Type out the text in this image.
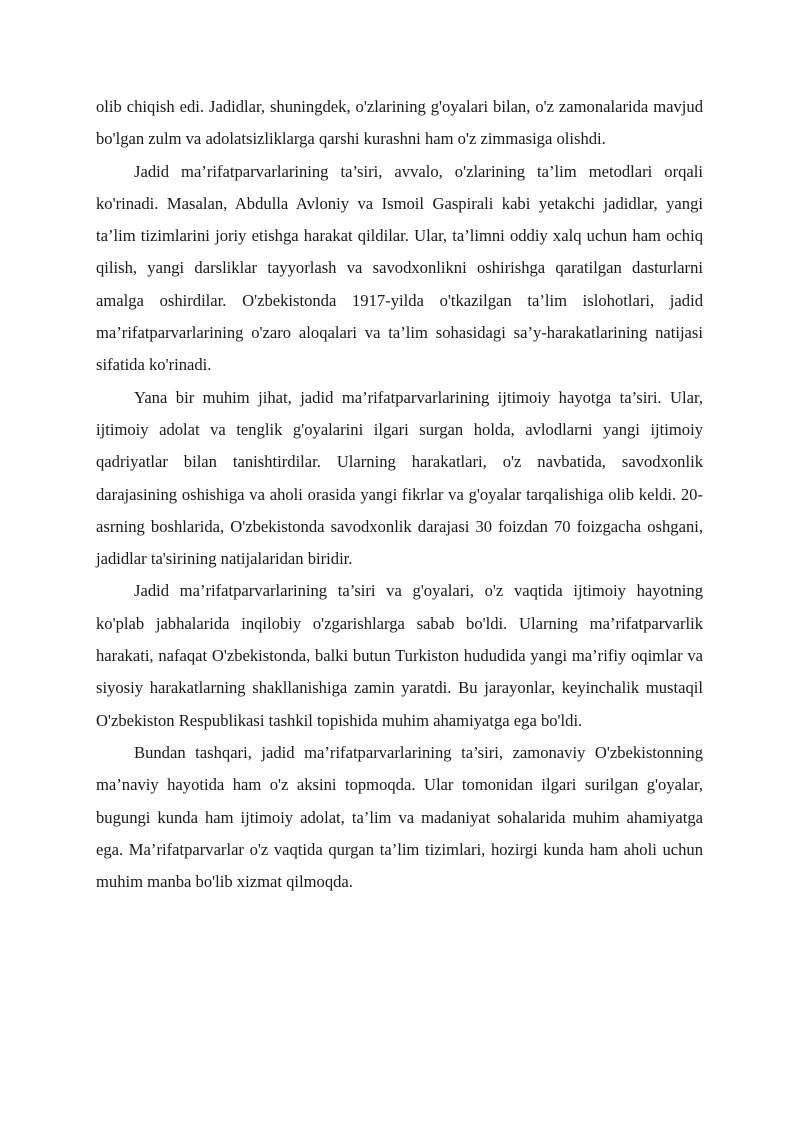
olib chiqish edi. Jadidlar, shuningdek, o'zlarining g'oyalari bilan, o'z zamonalarida mavjud bo'lgan zulm va adolatsizliklarga qarshi kurashni ham o'z zimmasiga olishdi.

Jadid ma’rifatparvarlarining ta’siri, avvalo, o'zlarining ta’lim metodlari orqali ko'rinadi. Masalan, Abdulla Avloniy va Ismoil Gaspirali kabi yetakchi jadidlar, yangi ta’lim tizimlarini joriy etishga harakat qildilar. Ular, ta’limni oddiy xalq uchun ham ochiq qilish, yangi darsliklar tayyorlash va savodxonlikni oshirishga qaratilgan dasturlarni amalga oshirdilar. O'zbekistonda 1917-yilda o'tkazilgan ta’lim islohotlari, jadid ma’rifatparvarlarining o'zaro aloqalari va ta’lim sohasidagi sa’y-harakatlarining natijasi sifatida ko'rinadi.

Yana bir muhim jihat, jadid ma’rifatparvarlarining ijtimoiy hayotga ta’siri. Ular, ijtimoiy adolat va tenglik g'oyalarini ilgari surgan holda, avlodlarni yangi ijtimoiy qadriyatlar bilan tanishtirdilar. Ularning harakatlari, o'z navbatida, savodxonlik darajasining oshishiga va aholi orasida yangi fikrlar va g'oyalar tarqalishiga olib keldi. 20-asrning boshlarida, O'zbekistonda savodxonlik darajasi 30 foizdan 70 foizgacha oshgani, jadidlar ta'sirining natijalaridan biridir.

Jadid ma’rifatparvarlarining ta’siri va g'oyalari, o'z vaqtida ijtimoiy hayotning ko'plab jabhalarida inqilobiy o'zgarishlarga sabab bo'ldi. Ularning ma’rifatparvarlik harakati, nafaqat O'zbekistonda, balki butun Turkiston hududida yangi ma’rifiy oqimlar va siyosiy harakatlarning shakllanishiga zamin yaratdi. Bu jarayonlar, keyinchalik mustaqil O'zbekiston Respublikasi tashkil topishida muhim ahamiyatga ega bo'ldi.

Bundan tashqari, jadid ma’rifatparvarlarining ta’siri, zamonaviy O'zbekistonning ma’naviy hayotida ham o'z aksini topmoqda. Ular tomonidan ilgari surilgan g'oyalar, bugungi kunda ham ijtimoiy adolat, ta’lim va madaniyat sohalarida muhim ahamiyatga ega. Ma’rifatparvarlar o'z vaqtida qurgan ta’lim tizimlari, hozirgi kunda ham aholi uchun muhim manba bo'lib xizmat qilmoqda.
